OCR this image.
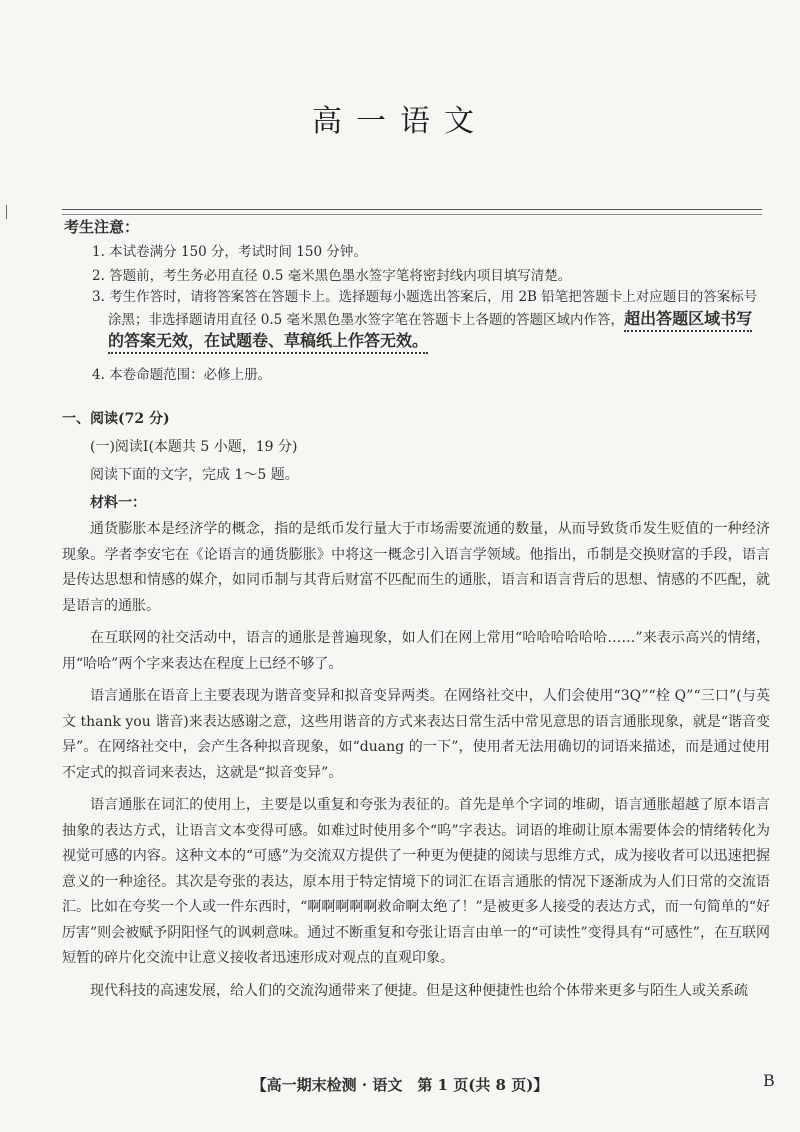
高一语文
考生注意：
1. 本试卷满分 150 分，考试时间 150 分钟。
2. 答题前，考生务必用直径 0.5 毫米黑色墨水签字笔将密封线内项目填写清楚。
3. 考生作答时，请将答案答在答题卡上。选择题每小题选出答案后，用 2B 铅笔把答题卡上对应题目的答案标号
涂黑；非选择题请用直径 0.5 毫米黑色墨水签字笔在答题卡上各题的答题区域内作答，超出答题区域书写
的答案无效，在试题卷、草稿纸上作答无效。
4. 本卷命题范围：必修上册。
一、阅读(72 分)
(一)阅读Ⅰ(本题共 5 小题，19 分)
阅读下面的文字，完成 1～5 题。
材料一：

通货膨胀本是经济学的概念，指的是纸币发行量大于市场需要流通的数量，从而导致货币发生贬值的一种经济现象。学者李安宅在《论语言的通货膨胀》中将这一概念引入语言学领域。他指出，币制是交换财富的手段，语言是传达思想和情感的媒介，如同币制与其背后财富不匹配而生的通胀，语言和语言背后的思想、情感的不匹配，就是语言的通胀。

在互联网的社交活动中，语言的通胀是普遍现象，如人们在网上常用“哈哈哈哈哈哈……”来表示高兴的情绪，用“哈哈”两个字来表达在程度上已经不够了。

语言通胀在语音上主要表现为谐音变异和拟音变异两类。在网络社交中，人们会使用“3Q”“栓 Q”“三口”(与英文 thank you 谐音)来表达感谢之意，这些用谐音的方式来表达日常生活中常见意思的语言通胀现象，就是“谐音变异”。在网络社交中，会产生各种拟音现象，如“duang 的一下”，使用者无法用确切的词语来描述，而是通过使用不定式的拟音词来表达，这就是“拟音变异”。

语言通胀在词汇的使用上，主要是以重复和夸张为表征的。首先是单个字词的堆砌，语言通胀超越了原本语言抽象的表达方式，让语言文本变得可感。如难过时使用多个“呜”字表达。词语的堆砌让原本需要体会的情绪转化为视觉可感的内容。这种文本的“可感”为交流双方提供了一种更为便捷的阅读与思维方式，成为接收者可以迅速把握意义的一种途径。其次是夸张的表达，原本用于特定情境下的词汇在语言通胀的情况下逐渐成为人们日常的交流语汇。比如在夸奖一个人或一件东西时，“啊啊啊啊啊救命啊太绝了！”是被更多人接受的表达方式，而一句简单的“好厉害”则会被赋予阴阳怪气的讽刺意味。通过不断重复和夸张让语言由单一的“可读性”变得具有“可感性”，在互联网短暂的碎片化交流中让意义接收者迅速形成对观点的直观印象。

现代科技的高速发展，给人们的交流沟通带来了便捷。但是这种便捷性也给个体带来更多与陌生人或关系疏

【高一期末检测 · 语文　第 1 页(共 8 页)】	B
